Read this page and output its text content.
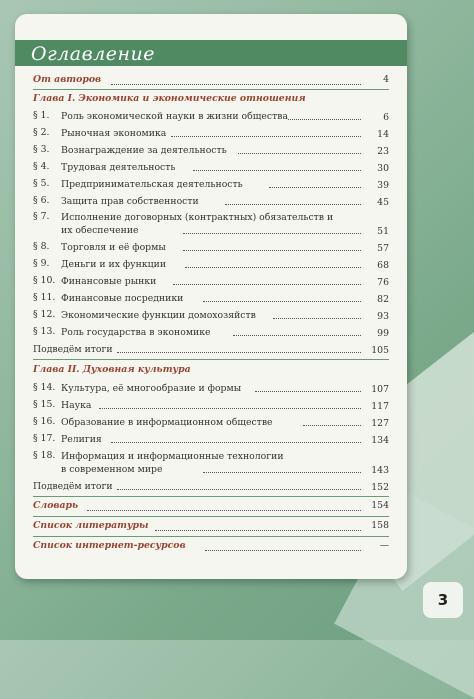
Оглавление
От авторов	4
Глава I. Экономика и экономические отношения
§ 1. Роль экономической науки в жизни общества	6
§ 2. Рыночная экономика	14
§ 3. Вознаграждение за деятельность	23
§ 4. Трудовая деятельность	30
§ 5. Предпринимательская деятельность	39
§ 6. Защита прав собственности	45
§ 7. Исполнение договорных (контрактных) обязательств и их обеспечение	51
§ 8. Торговля и её формы	57
§ 9. Деньги и их функции	68
§ 10. Финансовые рынки	76
§ 11. Финансовые посредники	82
§ 12. Экономические функции домохозяйств	93
§ 13. Роль государства в экономике	99
Подведём итоги	105
Глава II. Духовная культура
§ 14. Культура, её многообразие и формы	107
§ 15. Наука	117
§ 16. Образование в информационном обществе	127
§ 17. Религия	134
§ 18. Информация и информационные технологии в современном мире	143
Подведём итоги	152
Словарь	154
Список литературы	158
Список интернет-ресурсов	—
3
